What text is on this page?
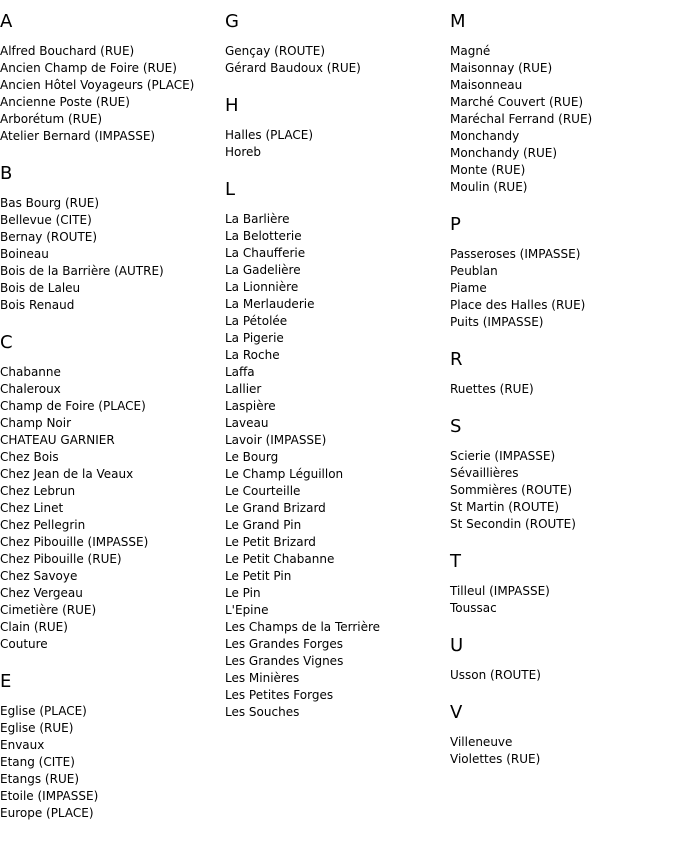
A
Alfred Bouchard (RUE)
Ancien Champ de Foire (RUE)
Ancien Hôtel Voyageurs (PLACE)
Ancienne Poste (RUE)
Arborétum (RUE)
Atelier Bernard (IMPASSE)
B
Bas Bourg (RUE)
Bellevue (CITE)
Bernay (ROUTE)
Boineau
Bois de la Barrière (AUTRE)
Bois de Laleu
Bois Renaud
C
Chabanne
Chaleroux
Champ de Foire (PLACE)
Champ Noir
CHATEAU GARNIER
Chez Bois
Chez Jean de la Veaux
Chez Lebrun
Chez Linet
Chez Pellegrin
Chez Pibouille (IMPASSE)
Chez Pibouille (RUE)
Chez Savoye
Chez Vergeau
Cimetière (RUE)
Clain (RUE)
Couture
E
Eglise (PLACE)
Eglise (RUE)
Envaux
Etang (CITE)
Etangs (RUE)
Etoile (IMPASSE)
Europe (PLACE)
G
Gençay (ROUTE)
Gérard Baudoux (RUE)
H
Halles (PLACE)
Horeb
L
La Barlière
La Belotterie
La Chaufferie
La Gadelière
La Lionnière
La Merlauderie
La Pétolée
La Pigerie
La Roche
Laffa
Lallier
Laspière
Laveau
Lavoir (IMPASSE)
Le Bourg
Le Champ Léguillon
Le Courteille
Le Grand Brizard
Le Grand Pin
Le Petit Brizard
Le Petit Chabanne
Le Petit Pin
Le Pin
L'Epine
Les Champs de la Terrière
Les Grandes Forges
Les Grandes Vignes
Les Minières
Les Petites Forges
Les Souches
M
Magné
Maisonnay (RUE)
Maisonneau
Marché Couvert (RUE)
Maréchal Ferrand (RUE)
Monchandy
Monchandy (RUE)
Monte (RUE)
Moulin (RUE)
P
Passeroses (IMPASSE)
Peublan
Piame
Place des Halles (RUE)
Puits (IMPASSE)
R
Ruettes (RUE)
S
Scierie (IMPASSE)
Sévaillières
Sommières (ROUTE)
St Martin (ROUTE)
St Secondin (ROUTE)
T
Tilleul (IMPASSE)
Toussac
U
Usson (ROUTE)
V
Villeneuve
Violettes (RUE)
